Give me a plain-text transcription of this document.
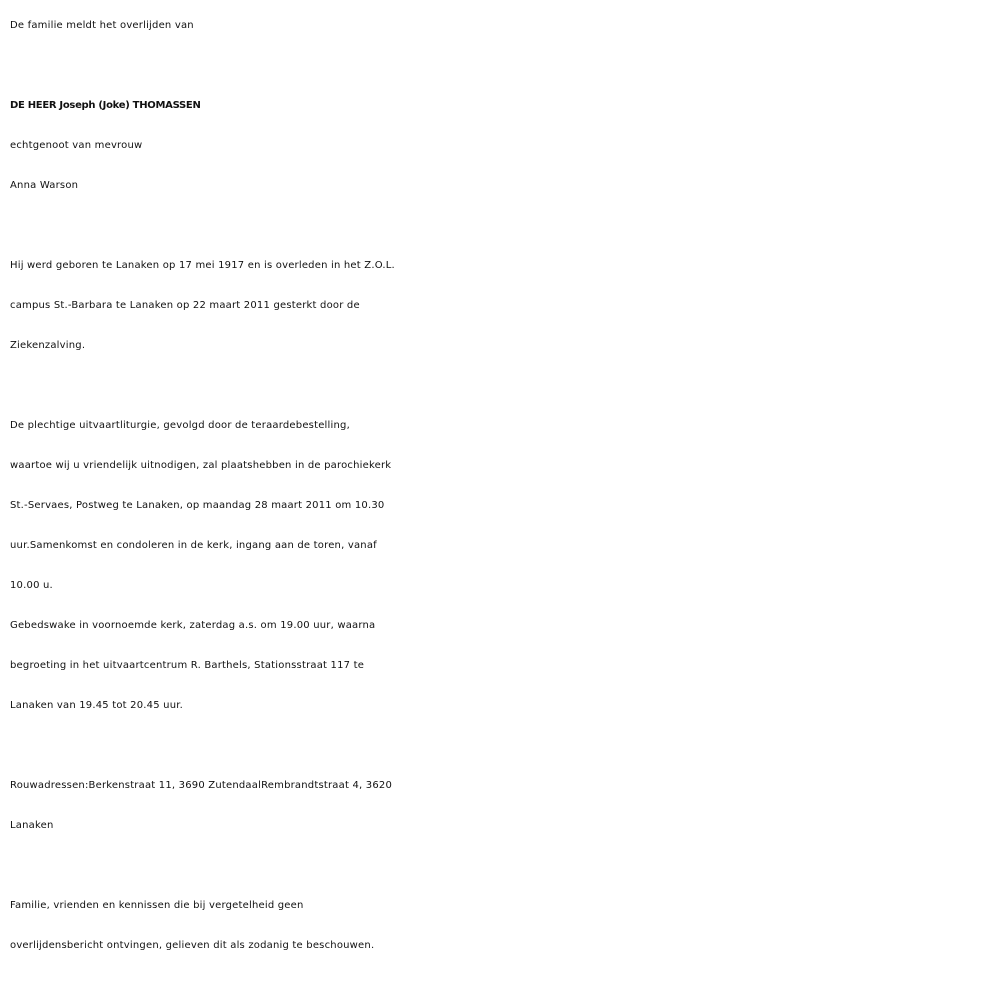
De familie meldt het overlijden van

DE HEER Joseph (Joke) THOMASSEN

echtgenoot van mevrouw
Anna Warson

Hij werd geboren te Lanaken op 17 mei 1917 en is overleden in het Z.O.L.
campus St.-Barbara te Lanaken op 22 maart 2011 gesterkt door de
Ziekenzalving.

De plechtige uitvaartliturgie, gevolgd door de teraardebestelling,
waartoe wij u vriendelijk uitnodigen, zal plaatshebben in de parochiekerk
St.-Servaes, Postweg te Lanaken, op maandag 28 maart 2011 om 10.30
uur.Samenkomst en condoleren in de kerk, ingang aan de toren, vanaf
10.00 u.
Gebedswake in voornoemde kerk, zaterdag a.s. om 19.00 uur, waarna
begroeting in het uitvaartcentrum R. Barthels, Stationsstraat 117 te
Lanaken van 19.45 tot 20.45 uur.

Rouwadressen:Berkenstraat 11, 3690 ZutendaalRembrandtstraat 4, 3620
Lanaken

Familie, vrienden en kennissen die bij vergetelheid geen
overlijdensbericht ontvingen, gelieven dit als zodanig te beschouwen.
